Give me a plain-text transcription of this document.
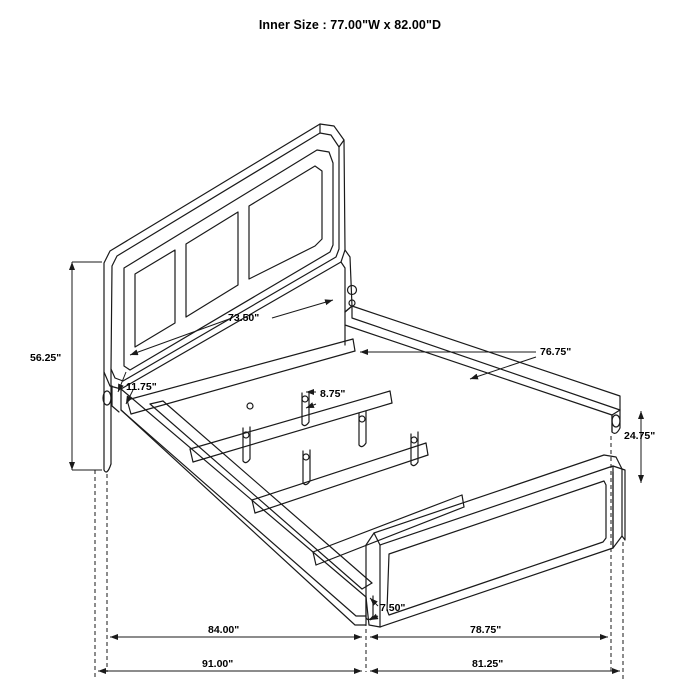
Inner Size : 77.00"W x 82.00"D
56.25"
73.50"
11.75"
8.75"
76.75"
24.75"
7.50"
84.00"	78.75"
91.00"	81.25"
